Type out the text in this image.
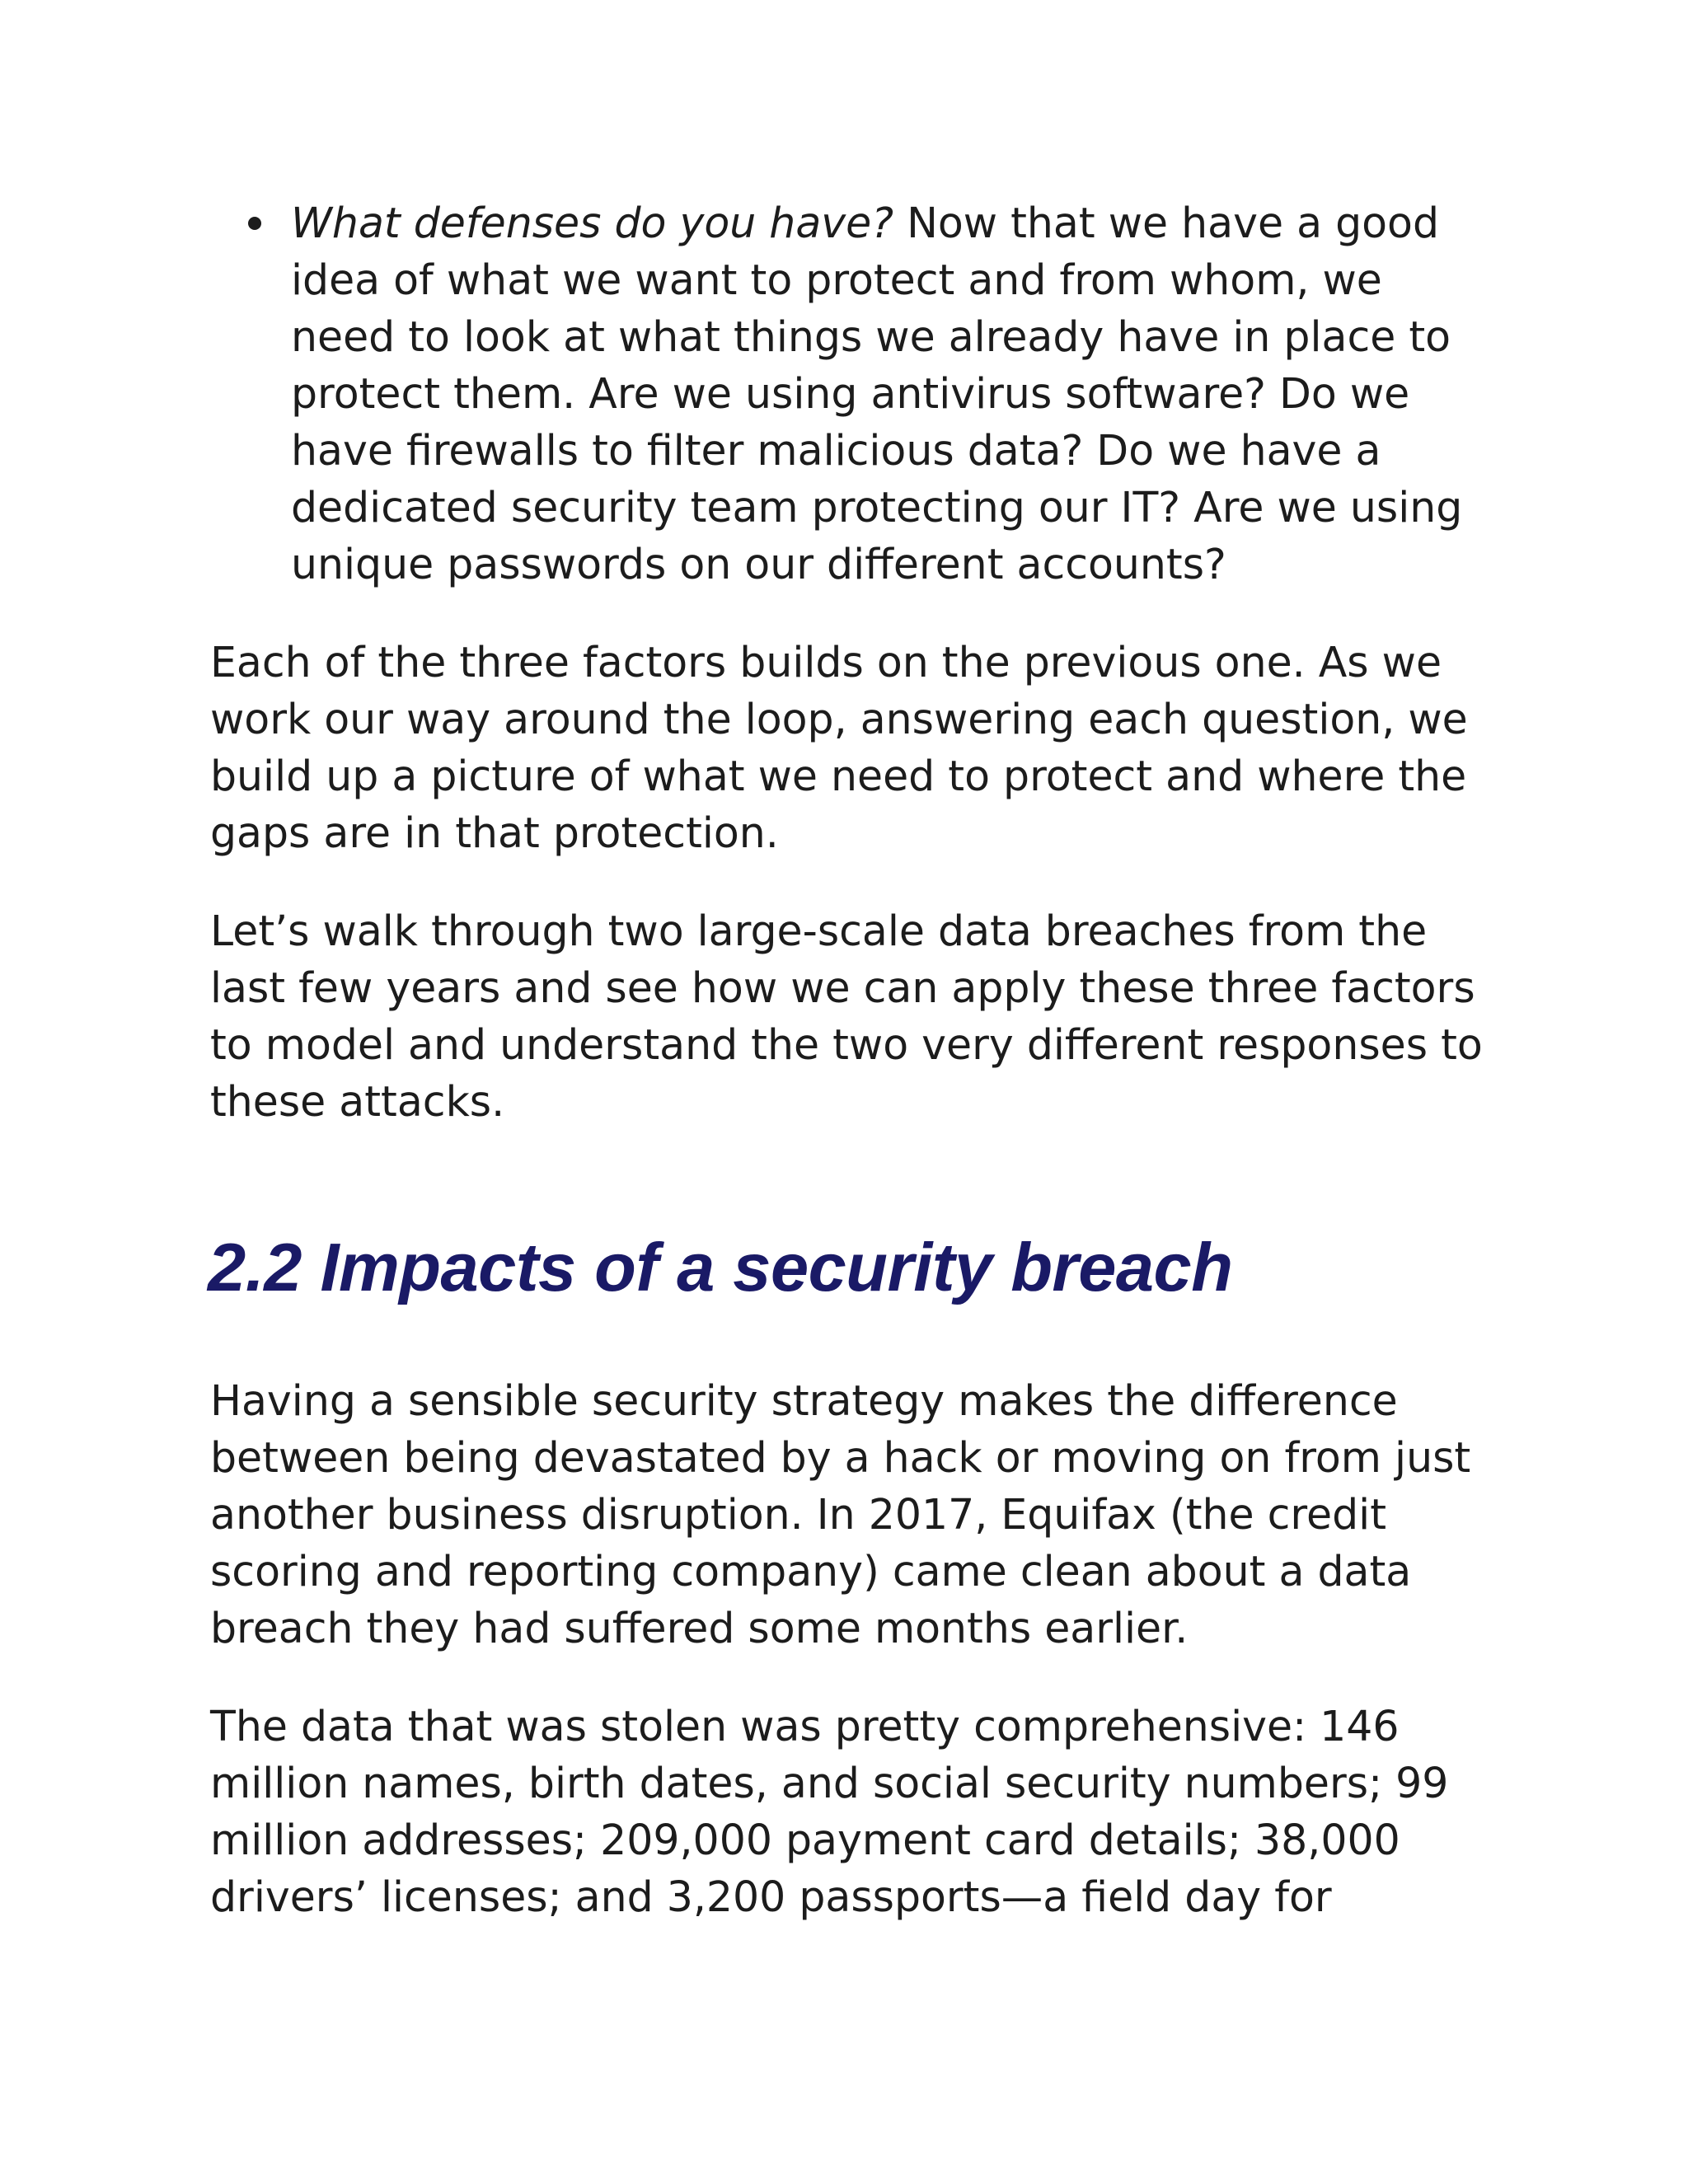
What defenses do you have? Now that we have a good idea of what we want to protect and from whom, we need to look at what things we already have in place to protect them. Are we using antivirus software? Do we have firewalls to filter malicious data? Do we have a dedicated security team protecting our IT? Are we using unique passwords on our different accounts?

Each of the three factors builds on the previous one. As we work our way around the loop, answering each question, we build up a picture of what we need to protect and where the gaps are in that protection.

Let’s walk through two large-scale data breaches from the last few years and see how we can apply these three factors to model and understand the two very different responses to these attacks.

2.2 Impacts of a security breach

Having a sensible security strategy makes the difference between being devastated by a hack or moving on from just another business disruption. In 2017, Equifax (the credit scoring and reporting company) came clean about a data breach they had suffered some months earlier.

The data that was stolen was pretty comprehensive: 146 million names, birth dates, and social security numbers; 99 million addresses; 209,000 payment card details; 38,000 drivers’ licenses; and 3,200 passports—a field day for
